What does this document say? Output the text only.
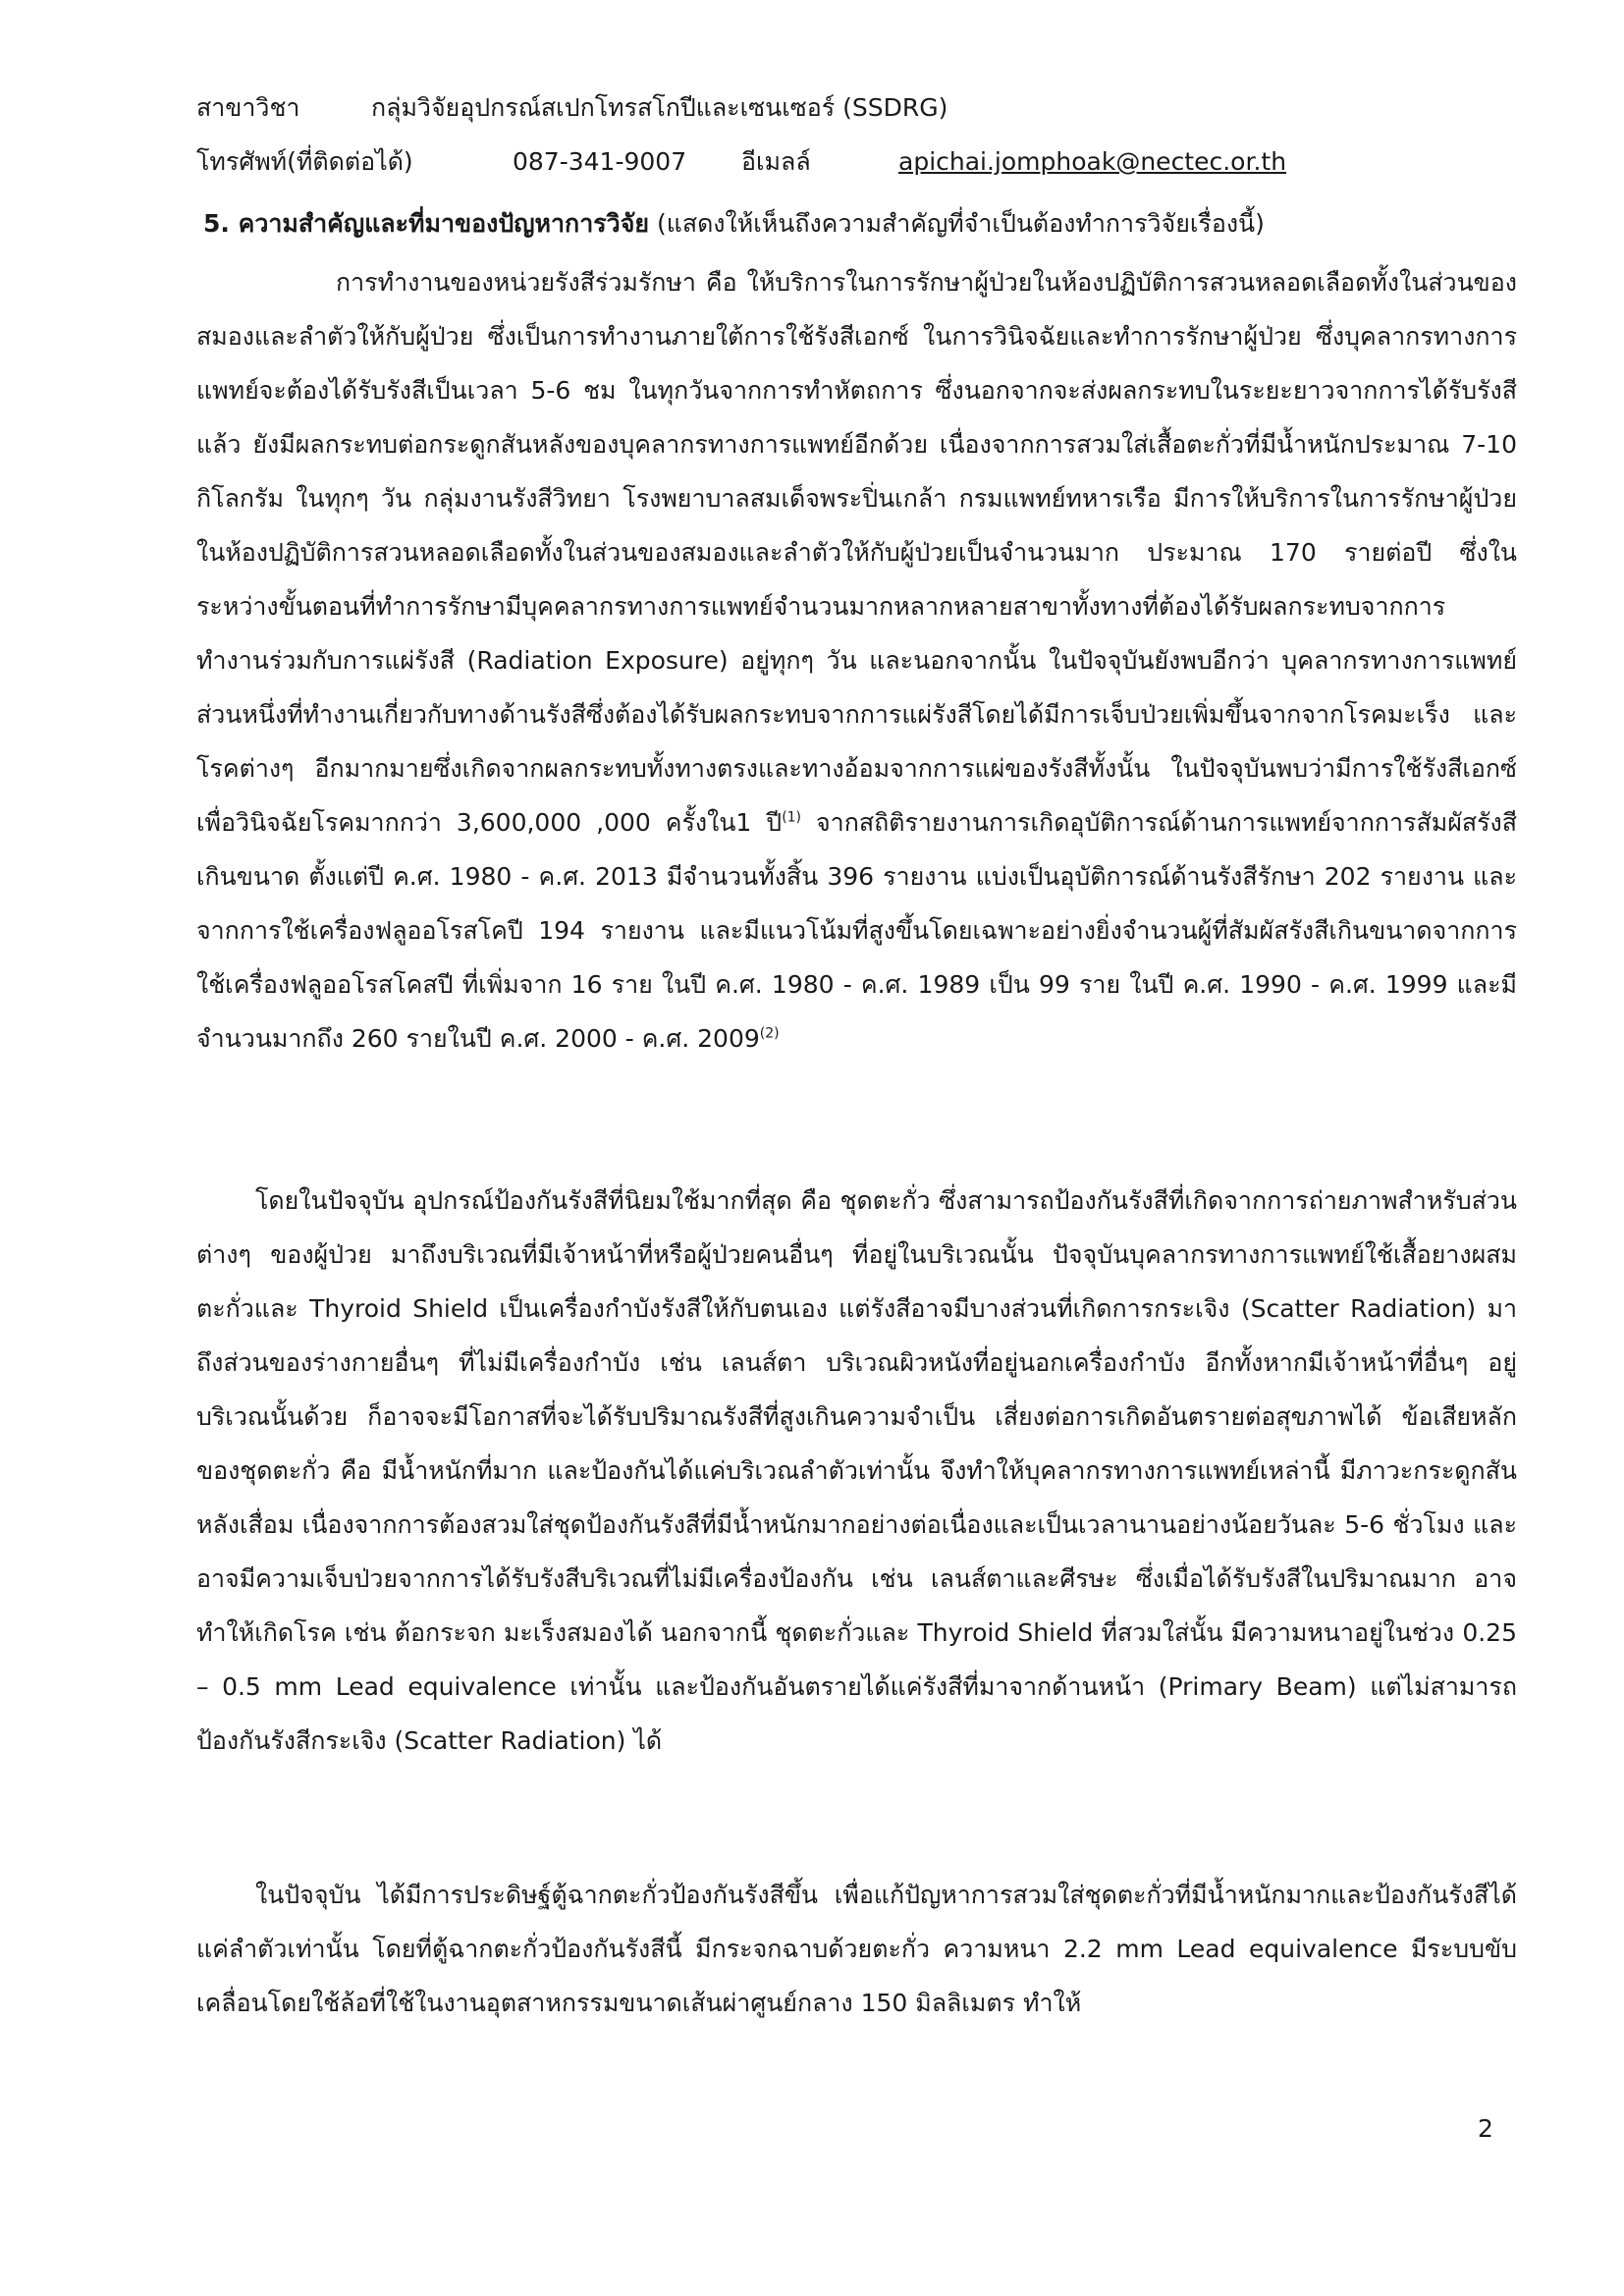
สาขาวิชา	กลุ่มวิจัยอุปกรณ์สเปกโทรสโกปีและเซนเซอร์ (SSDRG)
โทรศัพท์(ที่ติดต่อได้)	087-341-9007 อีเมลล์	apichai.jomphoak@nectec.or.th
5. ความสำคัญและที่มาของปัญหาการวิจัย (แสดงให้เห็นถึงความสำคัญที่จำเป็นต้องทำการวิจัยเรื่องนี้)

การทำงานของหน่วยรังสีร่วมรักษา คือ ให้บริการในการรักษาผู้ป่วยในห้องปฏิบัติการสวนหลอดเลือดทั้งในส่วนของสมองและลำตัวให้กับผู้ป่วย ซึ่งเป็นการทำงานภายใต้การใช้รังสีเอกซ์ ในการวินิจฉัยและทำการรักษาผู้ป่วย ซึ่งบุคลากรทางการแพทย์จะต้องได้รับรังสีเป็นเวลา 5-6 ชม ในทุกวันจากการทำหัตถการ ซึ่งนอกจากจะส่งผลกระทบในระยะยาวจากการได้รับรังสีแล้ว ยังมีผลกระทบต่อกระดูกสันหลังของบุคลากรทางการแพทย์อีกด้วย เนื่องจากการสวมใส่เสื้อตะกั่วที่มีน้ำหนักประมาณ 7-10 กิโลกรัม ในทุกๆ วัน กลุ่มงานรังสีวิทยา โรงพยาบาลสมเด็จพระปิ่นเกล้า กรมแพทย์ทหารเรือ มีการให้บริการในการรักษาผู้ป่วยในห้องปฏิบัติการสวนหลอดเลือดทั้งในส่วนของสมองและลำตัวให้กับผู้ป่วยเป็นจำนวนมาก ประมาณ 170 รายต่อปี ซึ่งในระหว่างขั้นตอนที่ทำการรักษามีบุคคลากรทางการแพทย์จำนวนมากหลากหลายสาขาทั้งทางที่ต้องได้รับผลกระทบจากการทำงานร่วมกับการแผ่รังสี (Radiation Exposure) อยู่ทุกๆ วัน และนอกจากนั้น ในปัจจุบันยังพบอีกว่า บุคลากรทางการแพทย์ส่วนหนึ่งที่ทำงานเกี่ยวกับทางด้านรังสีซึ่งต้องได้รับผลกระทบจากการแผ่รังสีโดยได้มีการเจ็บป่วยเพิ่มขึ้นจากจากโรคมะเร็ง และโรคต่างๆ อีกมากมายซึ่งเกิดจากผลกระทบทั้งทางตรงและทางอ้อมจากการแผ่ของรังสีทั้งนั้น ในปัจจุบันพบว่ามีการใช้รังสีเอกซ์เพื่อวินิจฉัยโรคมากกว่า 3,600,000 ,000 ครั้งใน1 ปี$^{(1)}$ จากสถิติรายงานการเกิดอุบัติการณ์ด้านการแพทย์จากการสัมผัสรังสีเกินขนาด ตั้งแต่ปี ค.ศ. 1980 - ค.ศ. 2013 มีจำนวนทั้งสิ้น 396 รายงาน แบ่งเป็นอุบัติการณ์ด้านรังสีรักษา 202 รายงาน และจากการใช้เครื่องฟลูออโรสโคปี 194 รายงาน และมีแนวโน้มที่สูงขึ้นโดยเฉพาะอย่างยิ่งจำนวนผู้ที่สัมผัสรังสีเกินขนาดจากการใช้เครื่องฟลูออโรสโคสปี ที่เพิ่มจาก 16 ราย ในปี ค.ศ. 1980 - ค.ศ. 1989 เป็น 99 ราย ในปี ค.ศ. 1990 - ค.ศ. 1999 และมีจำนวนมากถึง 260 รายในปี ค.ศ. 2000 - ค.ศ. 2009$^{(2)}$

โดยในปัจจุบัน อุปกรณ์ป้องกันรังสีที่นิยมใช้มากที่สุด คือ ชุดตะกั่ว ซึ่งสามารถป้องกันรังสีที่เกิดจากการถ่ายภาพสำหรับส่วนต่างๆ ของผู้ป่วย มาถึงบริเวณที่มีเจ้าหน้าที่หรือผู้ป่วยคนอื่นๆ ที่อยู่ในบริเวณนั้น ปัจจุบันบุคลากรทางการแพทย์ใช้เสื้อยางผสมตะกั่วและ Thyroid Shield เป็นเครื่องกำบังรังสีให้กับตนเอง แต่รังสีอาจมีบางส่วนที่เกิดการกระเจิง (Scatter Radiation) มาถึงส่วนของร่างกายอื่นๆ ที่ไม่มีเครื่องกำบัง เช่น เลนส์ตา บริเวณผิวหนังที่อยู่นอกเครื่องกำบัง อีกทั้งหากมีเจ้าหน้าที่อื่นๆ อยู่บริเวณนั้นด้วย ก็อาจจะมีโอกาสที่จะได้รับปริมาณรังสีที่สูงเกินความจำเป็น เสี่ยงต่อการเกิดอันตรายต่อสุขภาพได้ ข้อเสียหลักของชุดตะกั่ว คือ มีน้ำหนักที่มาก และป้องกันได้แค่บริเวณลำตัวเท่านั้น จึงทำให้บุคลากรทางการแพทย์เหล่านี้ มีภาวะกระดูกสันหลังเสื่อม เนื่องจากการต้องสวมใส่ชุดป้องกันรังสีที่มีน้ำหนักมากอย่างต่อเนื่องและเป็นเวลานานอย่างน้อยวันละ 5-6 ชั่วโมง และอาจมีความเจ็บป่วยจากการได้รับรังสีบริเวณที่ไม่มีเครื่องป้องกัน เช่น เลนส์ตาและศีรษะ ซึ่งเมื่อได้รับรังสีในปริมาณมาก อาจทำให้เกิดโรค เช่น ต้อกระจก มะเร็งสมองได้ นอกจากนี้ ชุดตะกั่วและ Thyroid Shield ที่สวมใส่นั้น มีความหนาอยู่ในช่วง 0.25 – 0.5 mm Lead equivalence เท่านั้น และป้องกันอันตรายได้แค่รังสีที่มาจากด้านหน้า (Primary Beam) แต่ไม่สามารถป้องกันรังสีกระเจิง (Scatter Radiation) ได้

ในปัจจุบัน ได้มีการประดิษฐ์ตู้ฉากตะกั่วป้องกันรังสีขึ้น เพื่อแก้ปัญหาการสวมใส่ชุดตะกั่วที่มีน้ำหนักมากและป้องกันรังสีได้แค่ลำตัวเท่านั้น โดยที่ตู้ฉากตะกั่วป้องกันรังสีนี้ มีกระจกฉาบด้วยตะกั่ว ความหนา 2.2 mm Lead equivalence มีระบบขับเคลื่อนโดยใช้ล้อที่ใช้ในงานอุตสาหกรรมขนาดเส้นผ่าศูนย์กลาง 150 มิลลิเมตร ทำให้

2
